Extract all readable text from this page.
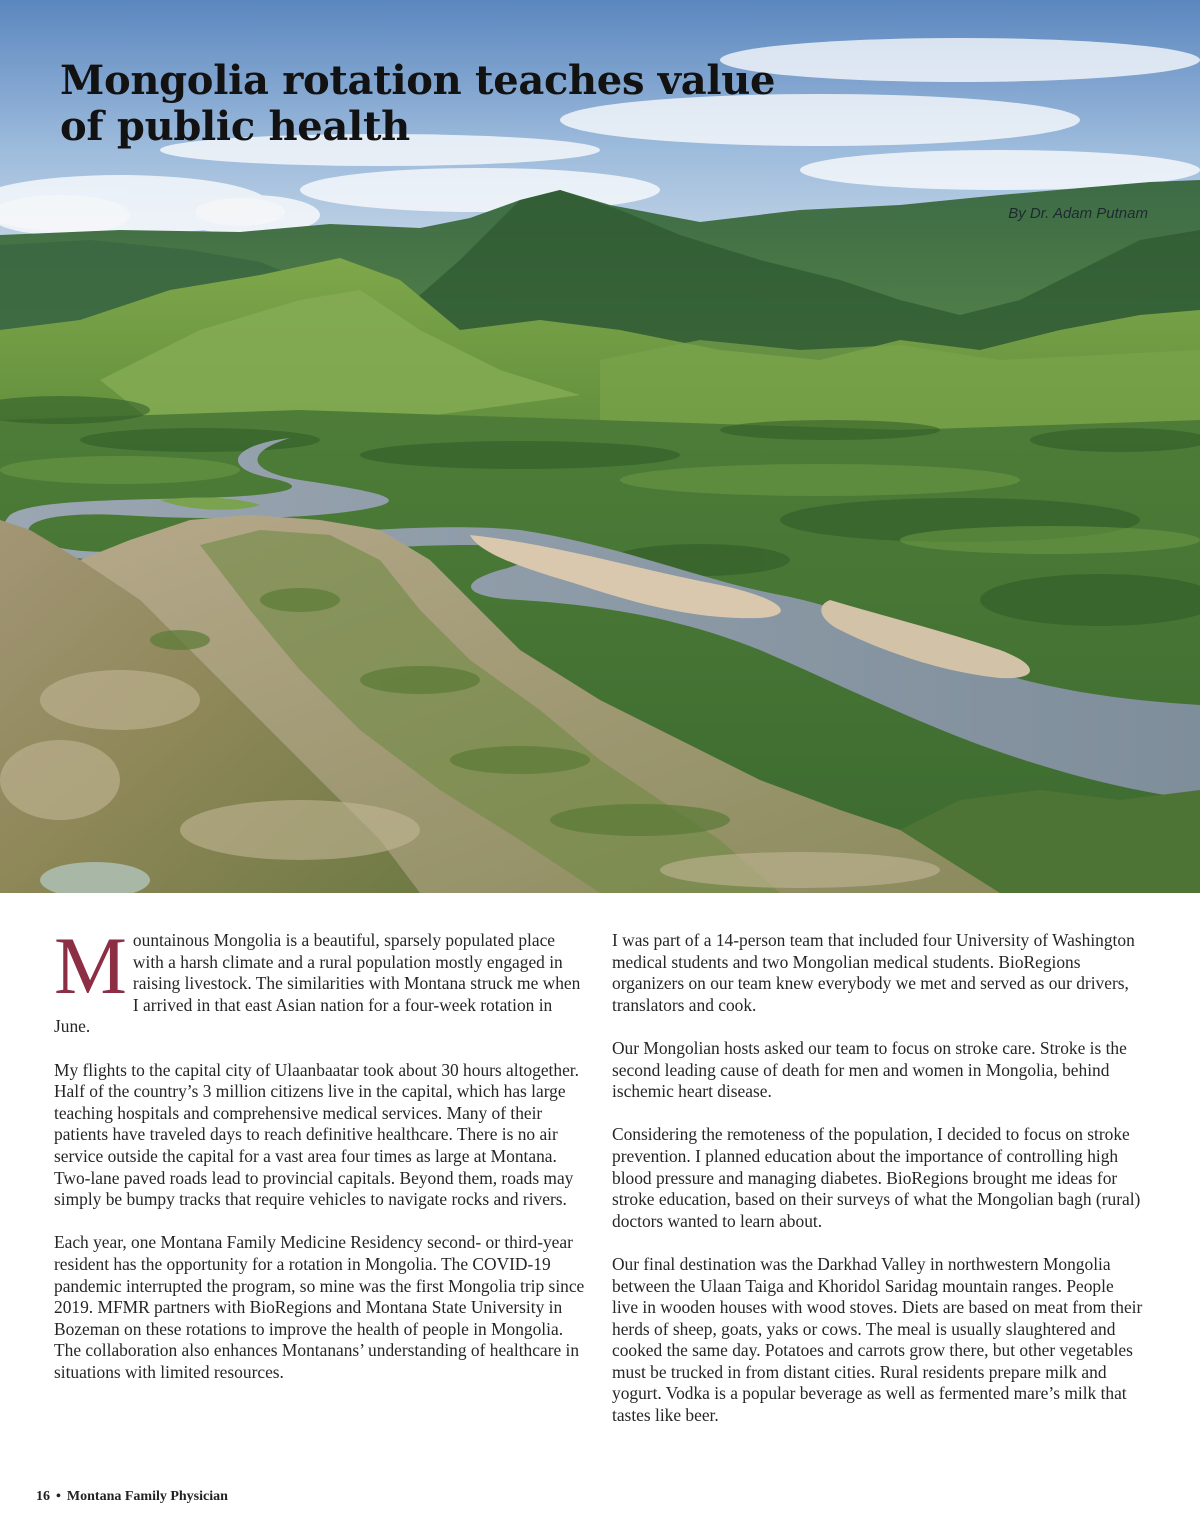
Mongolia rotation teaches value of public health
By Dr. Adam Putnam

Mountainous Mongolia is a beautiful, sparsely populated place with a harsh climate and a rural population mostly engaged in raising livestock. The similarities with Montana struck me when I arrived in that east Asian nation for a four-week rotation in June.

My flights to the capital city of Ulaanbaatar took about 30 hours altogether. Half of the country’s 3 million citizens live in the capital, which has large teaching hospitals and comprehensive medical services. Many of their patients have traveled days to reach definitive healthcare. There is no air service outside the capital for a vast area four times as large at Montana. Two-lane paved roads lead to provincial capitals. Beyond them, roads may simply be bumpy tracks that require vehicles to navigate rocks and rivers.

Each year, one Montana Family Medicine Residency second- or third-year resident has the opportunity for a rotation in Mongolia. The COVID-19 pandemic interrupted the program, so mine was the first Mongolia trip since 2019. MFMR partners with BioRegions and Montana State University in Bozeman on these rotations to improve the health of people in Mongolia. The collaboration also enhances Montanans’ understanding of healthcare in situations with limited resources.

I was part of a 14-person team that included four University of Washington medical students and two Mongolian medical students. BioRegions organizers on our team knew everybody we met and served as our drivers, translators and cook.

Our Mongolian hosts asked our team to focus on stroke care. Stroke is the second leading cause of death for men and women in Mongolia, behind ischemic heart disease.

Considering the remoteness of the population, I decided to focus on stroke prevention. I planned education about the importance of controlling high blood pressure and managing diabetes. BioRegions brought me ideas for stroke education, based on their surveys of what the Mongolian bagh (rural) doctors wanted to learn about.

Our final destination was the Darkhad Valley in northwestern Mongolia between the Ulaan Taiga and Khoridol Saridag mountain ranges. People live in wooden houses with wood stoves. Diets are based on meat from their herds of sheep, goats, yaks or cows. The meal is usually slaughtered and cooked the same day. Potatoes and carrots grow there, but other vegetables must be trucked in from distant cities. Rural residents prepare milk and yogurt. Vodka is a popular beverage as well as fermented mare’s milk that tastes like beer.

16 • Montana Family Physician
